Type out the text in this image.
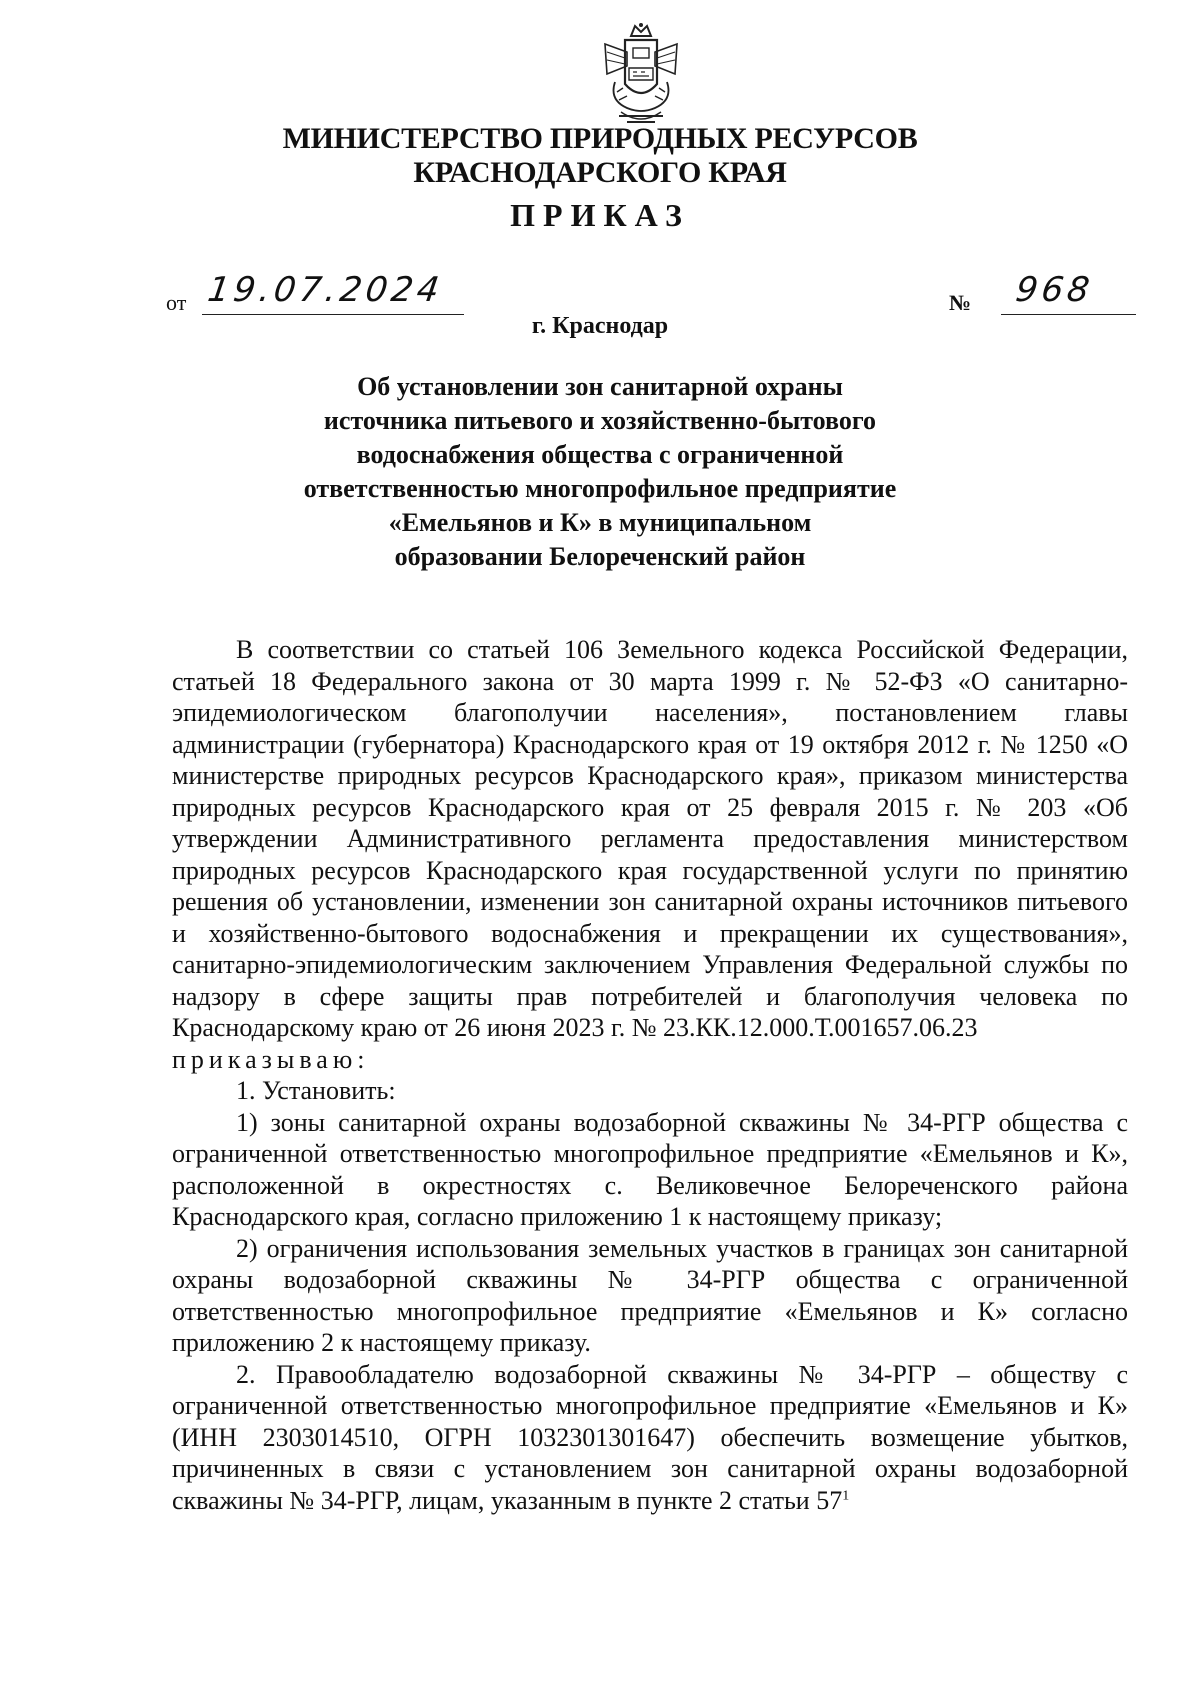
МИНИСТЕРСТВО ПРИРОДНЫХ РЕСУРСОВ
КРАСНОДАРСКОГО КРАЯ
ПРИКАЗ
от 19.07.2024	№ 968
г. Краснодар
Об установлении зон санитарной охраны
источника питьевого и хозяйственно-бытового
водоснабжения общества с ограниченной
ответственностью многопрофильное предприятие
«Емельянов и К» в муниципальном
образовании Белореченский район

В соответствии со статьей 106 Земельного кодекса Российской Федерации, статьей 18 Федерального закона от 30 марта 1999 г. № 52-ФЗ «О санитарно-эпидемиологическом благополучии населения», постановлением главы администрации (губернатора) Краснодарского края от 19 октября 2012 г. № 1250 «О министерстве природных ресурсов Краснодарского края», приказом министерства природных ресурсов Краснодарского края от 25 февраля 2015 г. № 203 «Об утверждении Административного регламента предоставления министерством природных ресурсов Краснодарского края государственной услуги по принятию решения об установлении, изменении зон санитарной охраны источников питьевого и хозяйственно-бытового водоснабжения и прекращении их существования», санитарно-эпидемиологическим заключением Управления Федеральной службы по надзору в сфере защиты прав потребителей и благополучия человека по Краснодарскому краю от 26 июня 2023 г. № 23.КК.12.000.Т.001657.06.23

приказываю:

1. Установить:

1) зоны санитарной охраны водозаборной скважины № 34-РГР общества с ограниченной ответственностью многопрофильное предприятие «Емельянов и К», расположенной в окрестностях с. Великовечное Белореченского района Краснодарского края, согласно приложению 1 к настоящему приказу;

2) ограничения использования земельных участков в границах зон санитарной охраны водозаборной скважины № 34-РГР общества с ограниченной ответственностью многопрофильное предприятие «Емельянов и К» согласно приложению 2 к настоящему приказу.

2. Правообладателю водозаборной скважины № 34-РГР – обществу с ограниченной ответственностью многопрофильное предприятие «Емельянов и К» (ИНН 2303014510, ОГРН 1032301301647) обеспечить возмещение убытков, причиненных в связи с установлением зон санитарной охраны водозаборной скважины № 34-РГР, лицам, указанным в пункте 2 статьи $57^1$
